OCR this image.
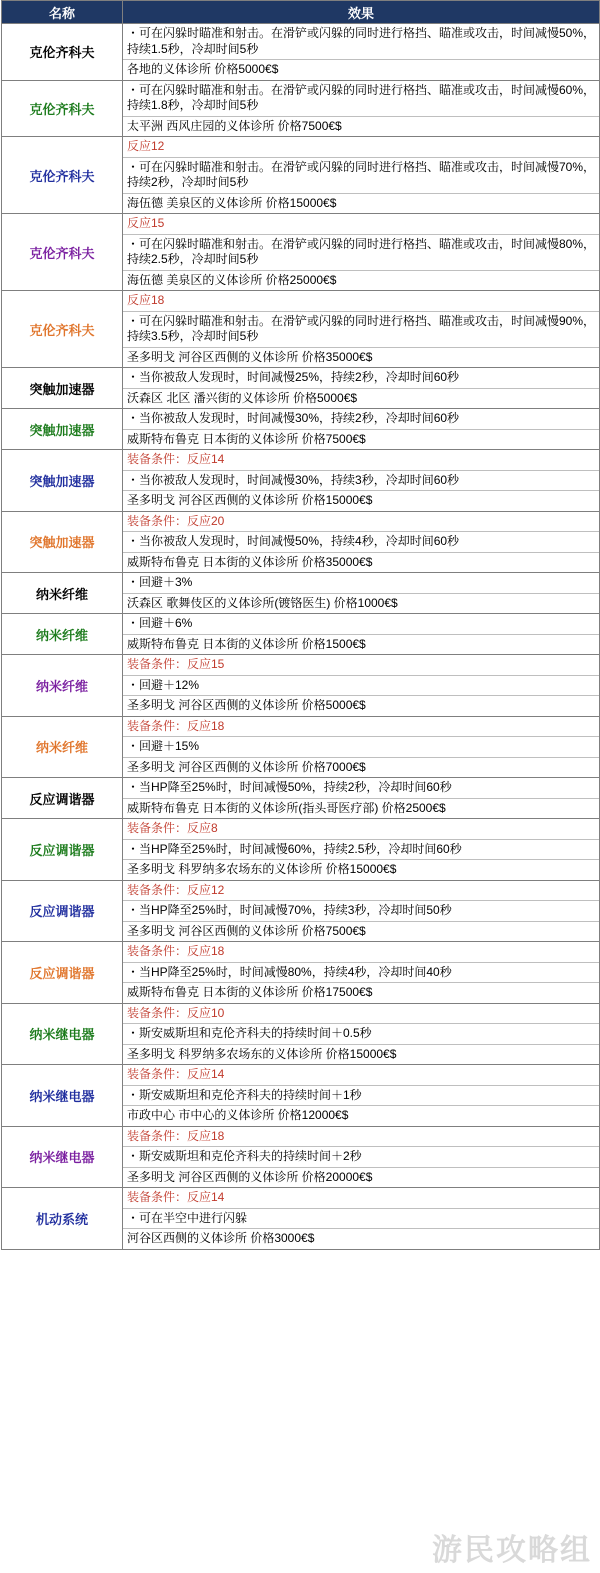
名称	效果
克伦齐科夫	・可在闪躲时瞄准和射击。在滑铲或闪躲的同时进行格挡、瞄准或攻击，时间减慢50%，持续1.5秒，冷却时间5秒
各地的义体诊所 价格5000€$

克伦齐科夫	・可在闪躲时瞄准和射击。在滑铲或闪躲的同时进行格挡、瞄准或攻击，时间减慢60%，持续1.8秒，冷却时间5秒
太平洲 西风庄园的义体诊所 价格7500€$

克伦齐科夫	反应12
・可在闪躲时瞄准和射击。在滑铲或闪躲的同时进行格挡、瞄准或攻击，时间减慢70%，持续2秒，冷却时间5秒
海伍德 美泉区的义体诊所 价格15000€$

克伦齐科夫	反应15
・可在闪躲时瞄准和射击。在滑铲或闪躲的同时进行格挡、瞄准或攻击，时间减慢80%，持续2.5秒，冷却时间5秒
海伍德 美泉区的义体诊所 价格25000€$

克伦齐科夫	反应18
・可在闪躲时瞄准和射击。在滑铲或闪躲的同时进行格挡、瞄准或攻击，时间减慢90%，持续3.5秒，冷却时间5秒
圣多明戈 河谷区西侧的义体诊所 价格35000€$

突触加速器	・当你被敌人发现时，时间减慢25%，持续2秒，冷却时间60秒
沃森区 北区 潘兴街的义体诊所 价格5000€$

突触加速器	・当你被敌人发现时，时间减慢30%，持续2秒，冷却时间60秒
威斯特布鲁克 日本街的义体诊所 价格7500€$

突触加速器	装备条件：反应14
・当你被敌人发现时，时间减慢30%，持续3秒，冷却时间60秒
圣多明戈 河谷区西侧的义体诊所 价格15000€$

突触加速器	装备条件：反应20
・当你被敌人发现时，时间减慢50%，持续4秒，冷却时间60秒
威斯特布鲁克 日本街的义体诊所 价格35000€$

纳米纤维	・回避＋3%
沃森区 歌舞伎区的义体诊所(镀铬医生) 价格1000€$

纳米纤维	・回避＋6%
威斯特布鲁克 日本街的义体诊所 价格1500€$

纳米纤维	装备条件：反应15
・回避＋12%
圣多明戈 河谷区西侧的义体诊所 价格5000€$

纳米纤维	装备条件：反应18
・回避＋15%
圣多明戈 河谷区西侧的义体诊所 价格7000€$

反应调谐器	・当HP降至25%时，时间减慢50%，持续2秒，冷却时间60秒
威斯特布鲁克 日本街的义体诊所(指头哥医疗部) 价格2500€$

反应调谐器	装备条件：反应8
・当HP降至25%时，时间减慢60%，持续2.5秒，冷却时间60秒
圣多明戈 科罗纳多农场东的义体诊所 价格15000€$

反应调谐器	装备条件：反应12
・当HP降至25%时，时间减慢70%，持续3秒，冷却时间50秒
圣多明戈 河谷区西侧的义体诊所 价格7500€$

反应调谐器	装备条件：反应18
・当HP降至25%时，时间减慢80%，持续4秒，冷却时间40秒
威斯特布鲁克 日本街的义体诊所 价格17500€$

纳米继电器	装备条件：反应10
・斯安威斯坦和克伦齐科夫的持续时间＋0.5秒
圣多明戈 科罗纳多农场东的义体诊所 价格15000€$

纳米继电器	装备条件：反应14
・斯安威斯坦和克伦齐科夫的持续时间＋1秒
市政中心 市中心的义体诊所 价格12000€$

纳米继电器	装备条件：反应18
・斯安威斯坦和克伦齐科夫的持续时间＋2秒
圣多明戈 河谷区西侧的义体诊所 价格20000€$

机动系统	装备条件：反应14
・可在半空中进行闪躲
河谷区西侧的义体诊所 价格3000€$
游民攻略组
